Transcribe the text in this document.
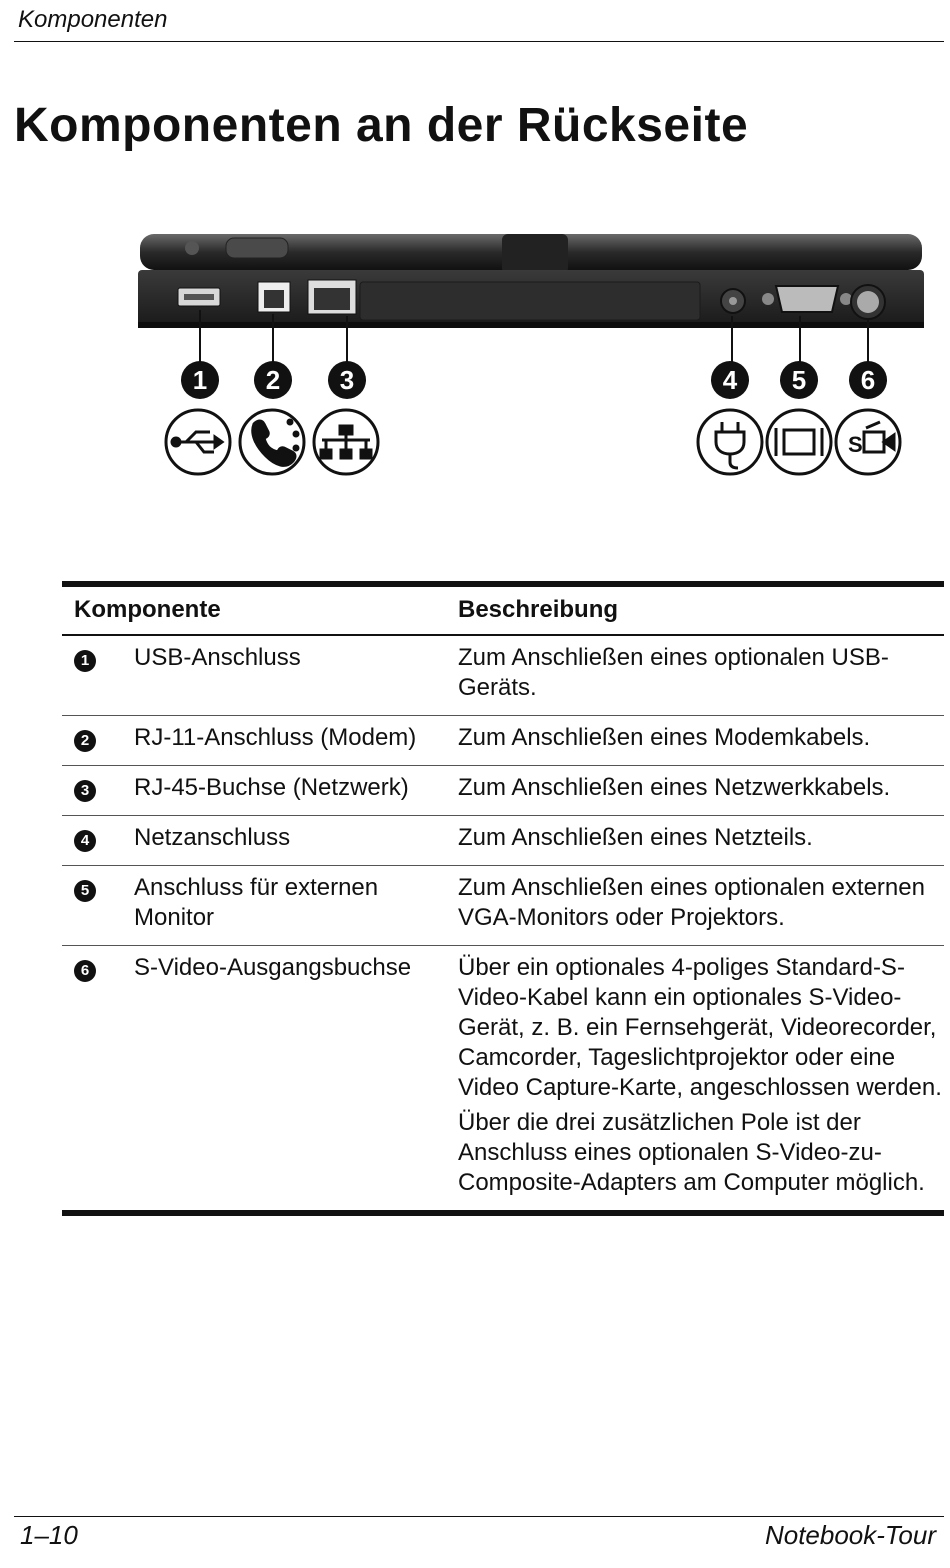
Komponenten
Komponenten an der Rückseite
1 2 3	4 5 6
S
Komponente		Beschreibung
1	USB-Anschluss	Zum Anschließen eines optionalen USB-Geräts.

2	RJ-11-Anschluss (Modem)	Zum Anschließen eines Modemkabels.

3	RJ-45-Buchse (Netzwerk)	Zum Anschließen eines Netzwerkkabels.

4	Netzanschluss	Zum Anschließen eines Netzteils.

5	Anschluss für externen Monitor	Zum Anschließen eines optionalen externen VGA-Monitors oder Projektors.

6	S-Video-Ausgangsbuchse	Über ein optionales 4-poliges Standard-S-Video-Kabel kann ein optionales S-Video-Gerät, z. B. ein Fernsehgerät, Videorecorder, Camcorder, Tageslichtprojektor oder eine Video Capture-Karte, angeschlossen werden.
Über die drei zusätzlichen Pole ist der Anschluss eines optionalen S-Video-zu-Composite-Adapters am Computer möglich.
1–10	Notebook-Tour
